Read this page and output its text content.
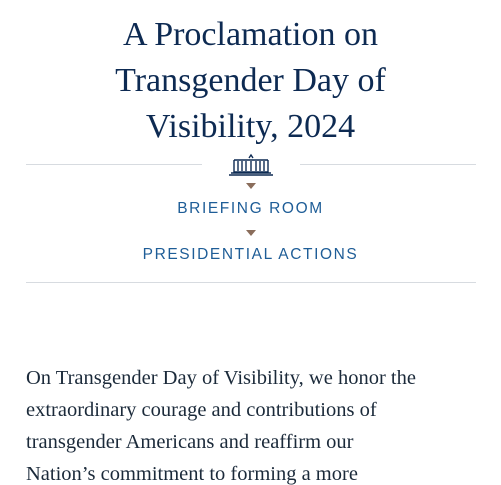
A Proclamation on
Transgender Day of
Visibility, 2024
BRIEFING ROOM
PRESIDENTIAL ACTIONS

On Transgender Day of Visibility, we honor the
extraordinary courage and contributions of
transgender Americans and reaffirm our
Nation’s commitment to forming a more
